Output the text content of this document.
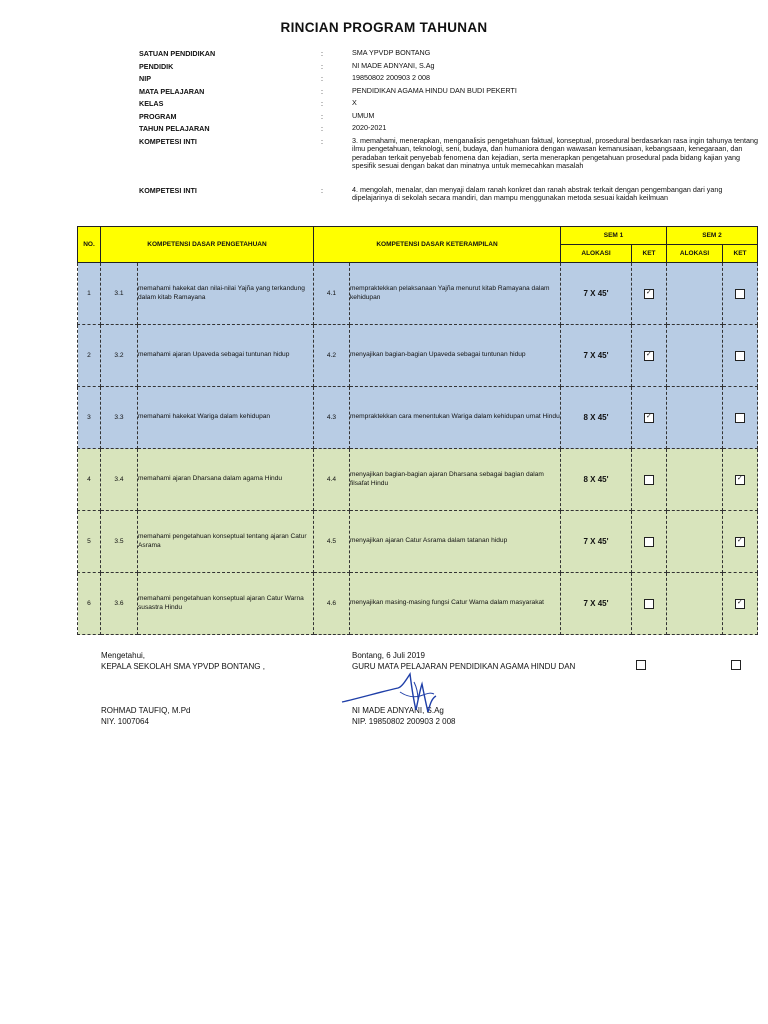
RINCIAN PROGRAM TAHUNAN
SATUAN PENDIDIKAN	:	SMA YPVDP BONTANG
PENDIDIK	:	NI MADE ADNYANI, S.Ag
NIP	:	19850802 200903 2 008
MATA PELAJARAN	:	PENDIDIKAN AGAMA HINDU DAN BUDI PEKERTI
KELAS	:	X
PROGRAM	:	UMUM
TAHUN PELAJARAN	:	2020-2021
KOMPETESI INTI	:	3. memahami, menerapkan, menganalisis pengetahuan faktual, konseptual, prosedural berdasarkan rasa ingin tahunya tentang ilmu pengetahuan, teknologi, seni, budaya, dan humaniora dengan wawasan kemanusiaan, kebangsaan, kenegaraan, dan peradaban terkait penyebab fenomena dan kejadian, serta menerapkan pengetahuan prosedural pada bidang kajian yang spesifik sesuai dengan bakat dan minatnya untuk memecahkan masalah
KOMPETESI INTI	:	4. mengolah, menalar, dan menyaji dalam ranah konkret dan ranah abstrak terkait dengan pengembangan dari yang dipelajarinya di sekolah secara mandiri, dan mampu menggunakan metoda sesuai kaidah keilmuan
NO.	KOMPETENSI DASAR PENGETAHUAN		KOMPETENSI DASAR KETERAMPILAN		SEM 1		SEM 2	
					ALOKASI	KET	ALOKASI	KET
1	3.1	memahami hakekat dan nilai-nilai Yajña yang terkandung dalam kitab Ramayana	4.1	mempraktekkan pelaksanaan Yajña menurut kitab Ramayana dalam kehidupan	7 X 45'	✓		
2	3.2	memahami ajaran Upaveda sebagai tuntunan hidup	4.2	menyajikan bagian-bagian Upaveda sebagai tuntunan hidup	7 X 45'	✓		
3	3.3	memahami hakekat Wariga dalam kehidupan	4.3	mempraktekkan cara menentukan Wariga dalam kehidupan umat Hindu	8 X 45'	✓		
4	3.4	memahami ajaran Dharsana dalam agama Hindu	4.4	menyajikan bagian-bagian ajaran Dharsana sebagai bagian dalam filsafat Hindu	8 X 45'			✓
5	3.5	memahami pengetahuan konseptual tentang ajaran Catur Asrama	4.5	menyajikan ajaran Catur Asrama dalam tatanan hidup	7 X 45'			✓
6	3.6	memahami pengetahuan konseptual ajaran Catur Warna susastra Hindu	4.6	menyajikan masing-masing fungsi Catur Warna dalam masyarakat	7 X 45'			✓
Mengetahui,
KEPALA SEKOLAH SMA YPVDP BONTANG ,
ROHMAD TAUFIQ, M.Pd
NIY. 1007064
Bontang, 6 Juli 2019
GURU MATA PELAJARAN PENDIDIKAN AGAMA HINDU DAN
NI MADE ADNYANI, S.Ag
NIP. 19850802 200903 2 008
